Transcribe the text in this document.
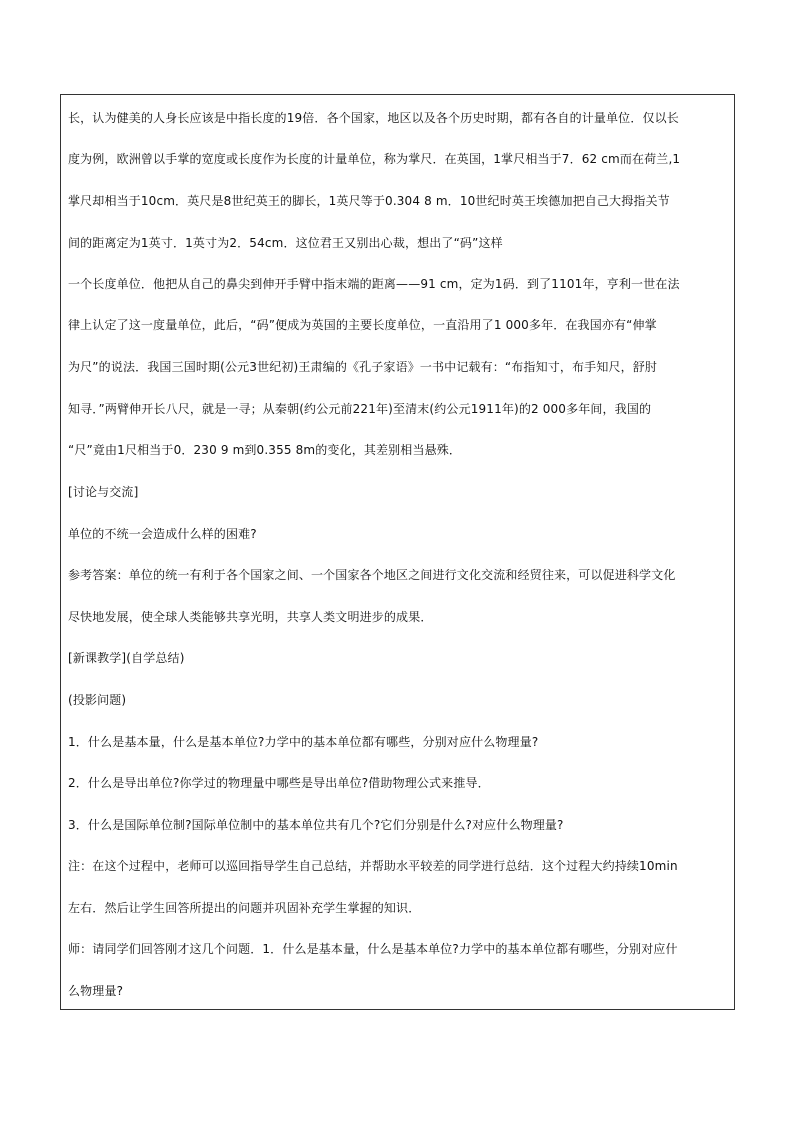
长，认为健美的人身长应该是中指长度的19倍．各个国家，地区以及各个历史时期，都有各自的计量单位．仅以长
度为例，欧洲曾以手掌的宽度或长度作为长度的计量单位，称为掌尺．在英国，1掌尺相当于7．62 cm而在荷兰,1
掌尺却相当于10cm．英尺是8世纪英王的脚长，1英尺等于0.304 8 m．10世纪时英王埃德加把自己大拇指关节
间的距离定为1英寸．1英寸为2．54cm．这位君王又别出心裁，想出了“码”这样
一个长度单位．他把从自己的鼻尖到伸开手臂中指末端的距离——91 cm，定为1码．到了1101年，亨利一世在法
律上认定了这一度量单位，此后，“码”便成为英国的主要长度单位，一直沿用了1 000多年．在我国亦有“伸掌
为尺”的说法．我国三国时期(公元3世纪初)王肃编的《孔子家语》一书中记载有：“布指知寸，布手知尺，舒肘
知寻．”两臂伸开长八尺，就是一寻；从秦朝(约公元前221年)至清末(约公元1911年)的2 000多年间，我国的
“尺”竟由1尺相当于0．230 9 m到0.355 8m的变化，其差别相当悬殊．
[讨论与交流]
单位的不统一会造成什么样的困难?
参考答案：单位的统一有利于各个国家之间、一个国家各个地区之间进行文化交流和经贸往来，可以促进科学文化
尽快地发展，使全球人类能够共享光明，共享人类文明进步的成果．
[新课教学](自学总结)
(投影问题)
1．什么是基本量，什么是基本单位?力学中的基本单位都有哪些，分别对应什么物理量?
2．什么是导出单位?你学过的物理量中哪些是导出单位?借助物理公式来推导．
3．什么是国际单位制?国际单位制中的基本单位共有几个?它们分别是什么?对应什么物理量?
注：在这个过程中，老师可以巡回指导学生自己总结，并帮助水平较差的同学进行总结．这个过程大约持续10min
左右．然后让学生回答所提出的问题并巩固补充学生掌握的知识．
师：请同学们回答刚才这几个问题．1．什么是基本量，什么是基本单位?力学中的基本单位都有哪些，分别对应什
么物理量?
